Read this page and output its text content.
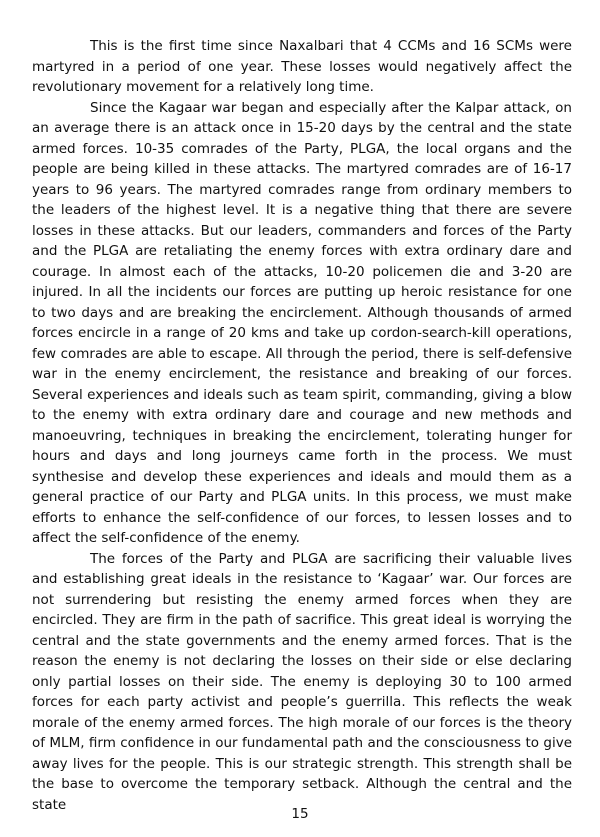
This is the first time since Naxalbari that 4 CCMs and 16 SCMs were martyred in a period of one year. These losses would negatively affect the revolutionary movement for a relatively long time.

Since the Kagaar war began and especially after the Kalpar attack, on an average there is an attack once in 15-20 days by the central and the state armed forces. 10-35 comrades of the Party, PLGA, the local organs and the people are being killed in these attacks. The martyred comrades are of 16-17 years to 96 years. The martyred comrades range from ordinary members to the leaders of the highest level. It is a negative thing that there are severe losses in these attacks. But our leaders, commanders and forces of the Party and the PLGA are retaliating the enemy forces with extra ordinary dare and courage. In almost each of the attacks, 10-20 policemen die and 3-20 are injured. In all the incidents our forces are putting up heroic resistance for one to two days and are breaking the encirclement. Although thousands of armed forces encircle in a range of 20 kms and take up cordon-search-kill operations, few comrades are able to escape. All through the period, there is self-defensive war in the enemy encirclement, the resistance and breaking of our forces. Several experiences and ideals such as team spirit, commanding, giving a blow to the enemy with extra ordinary dare and courage and new methods and manoeuvring, techniques in breaking the encirclement, tolerating hunger for hours and days and long journeys came forth in the process. We must synthesise and develop these experiences and ideals and mould them as a general practice of our Party and PLGA units. In this process, we must make efforts to enhance the self-confidence of our forces, to lessen losses and to affect the self-confidence of the enemy.

The forces of the Party and PLGA are sacrificing their valuable lives and establishing great ideals in the resistance to ‘Kagaar’ war. Our forces are not surrendering but resisting the enemy armed forces when they are encircled. They are firm in the path of sacrifice. This great ideal is worrying the central and the state governments and the enemy armed forces. That is the reason the enemy is not declaring the losses on their side or else declaring only partial losses on their side. The enemy is deploying 30 to 100 armed forces for each party activist and people’s guerrilla. This reflects the weak morale of the enemy armed forces. The high morale of our forces is the theory of MLM, firm confidence in our fundamental path and the consciousness to give away lives for the people. This is our strategic strength. This strength shall be the base to overcome the temporary setback. Although the central and the state

15
